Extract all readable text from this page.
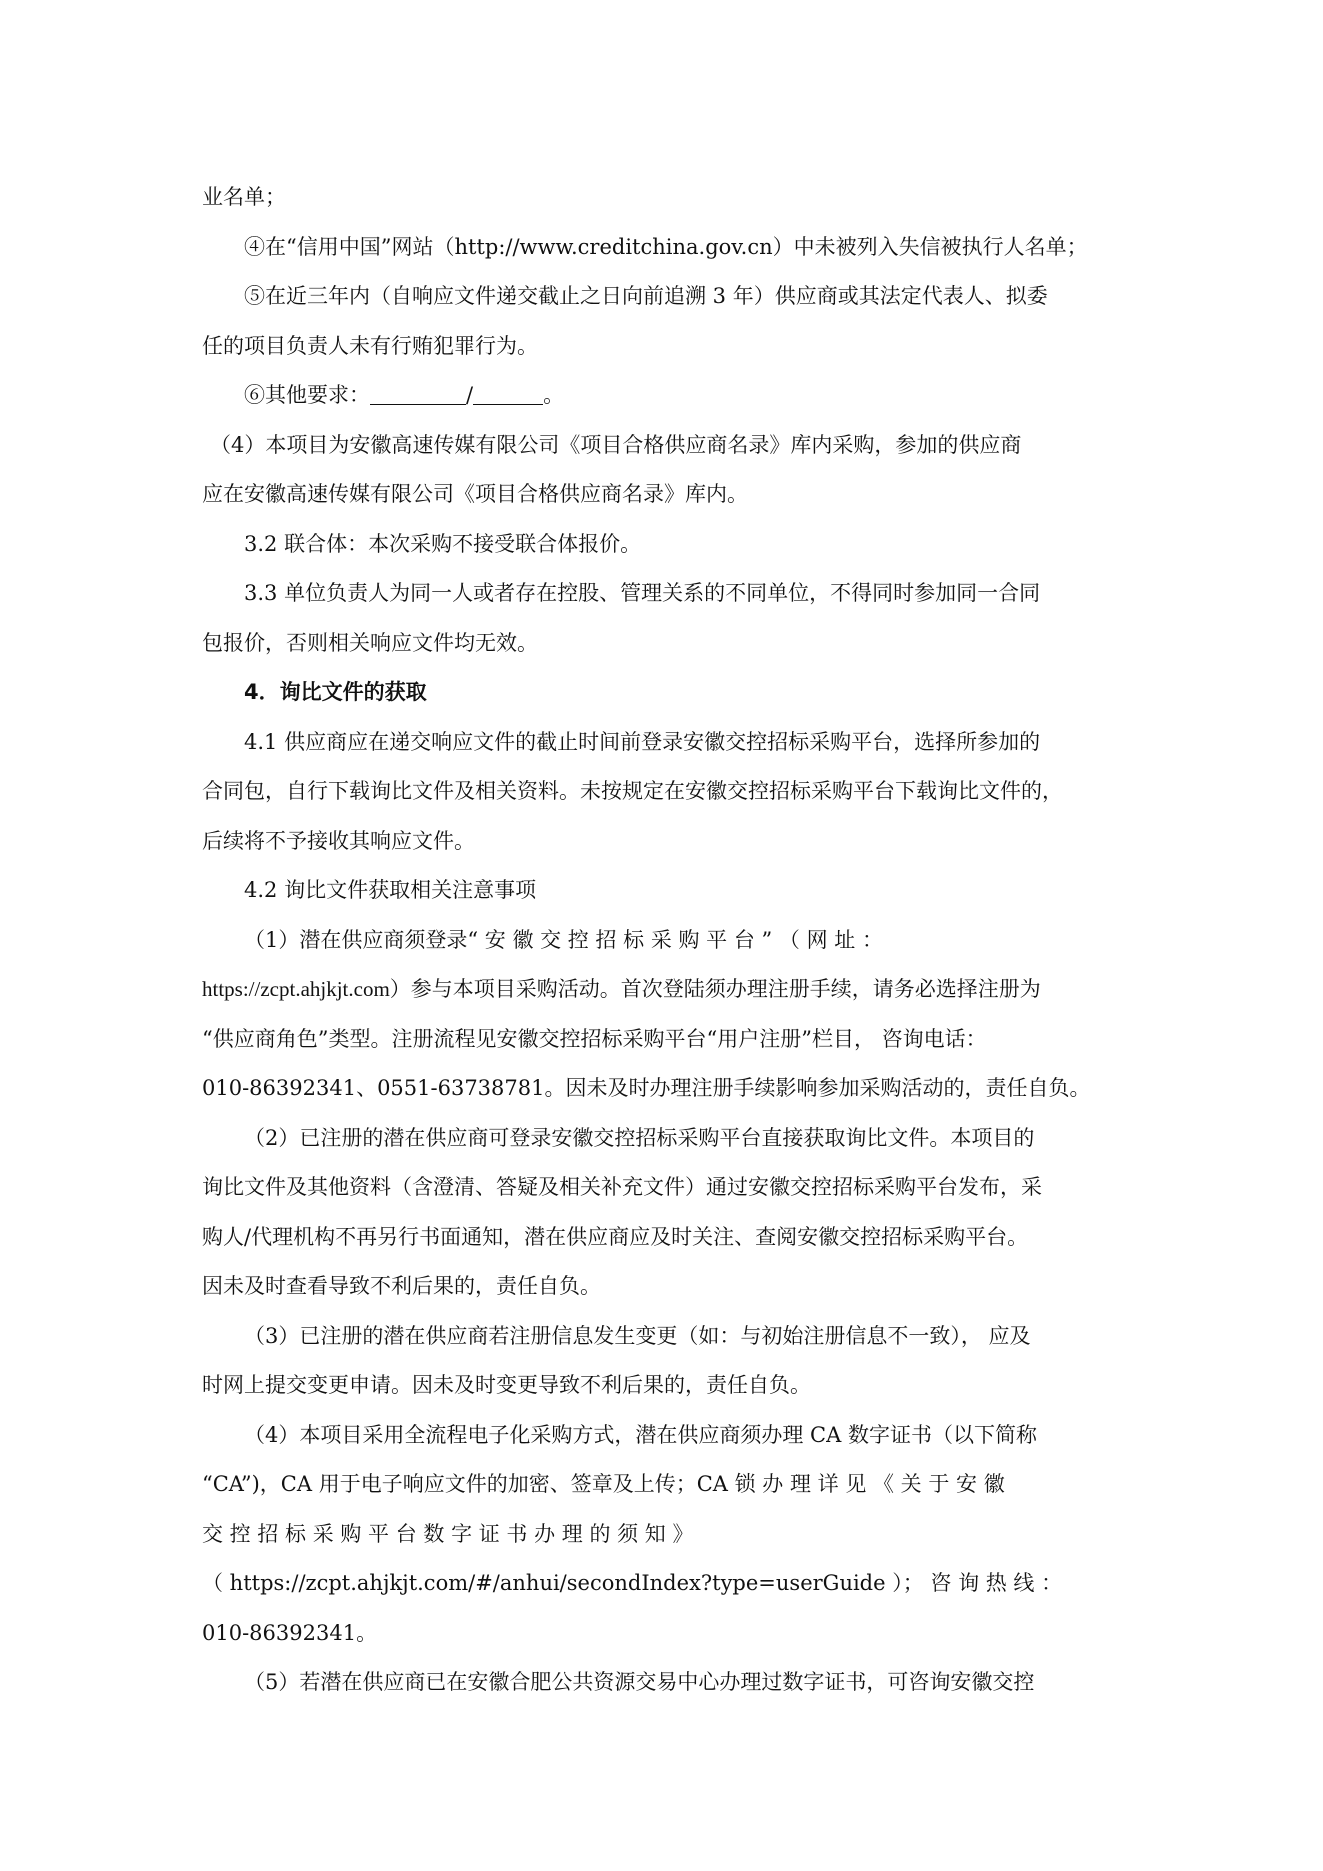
业名单；
④在“信用中国”网站（http://www.creditchina.gov.cn）中未被列入失信被执行人名单；
⑤在近三年内（自响应文件递交截止之日向前追溯 3 年）供应商或其法定代表人、拟委
任的项目负责人未有行贿犯罪行为。
⑥其他要求：	/	。
（4）本项目为安徽高速传媒有限公司《项目合格供应商名录》库内采购，参加的供应商
应在安徽高速传媒有限公司《项目合格供应商名录》库内。
3.2 联合体：本次采购不接受联合体报价。
3.3 单位负责人为同一人或者存在控股、管理关系的不同单位，不得同时参加同一合同
包报价，否则相关响应文件均无效。
4．询比文件的获取
4.1 供应商应在递交响应文件的截止时间前登录安徽交控招标采购平台，选择所参加的
合同包，自行下载询比文件及相关资料。未按规定在安徽交控招标采购平台下载询比文件的，
后续将不予接收其响应文件。
4.2 询比文件获取相关注意事项
（1）潜在供应商须登录“ 安 徽 交 控 招 标 采 购 平 台 ” （ 网 址 ：
https://zcpt.ahjkjt.com）参与本项目采购活动。首次登陆须办理注册手续，请务必选择注册为
“供应商角色”类型。注册流程见安徽交控招标采购平台“用户注册”栏目， 咨询电话：
010-86392341、0551-63738781。因未及时办理注册手续影响参加采购活动的，责任自负。
（2）已注册的潜在供应商可登录安徽交控招标采购平台直接获取询比文件。本项目的
询比文件及其他资料（含澄清、答疑及相关补充文件）通过安徽交控招标采购平台发布，采
购人/代理机构不再另行书面通知，潜在供应商应及时关注、查阅安徽交控招标采购平台。
因未及时查看导致不利后果的，责任自负。
（3）已注册的潜在供应商若注册信息发生变更（如：与初始注册信息不一致）， 应及
时网上提交变更申请。因未及时变更导致不利后果的，责任自负。
（4）本项目采用全流程电子化采购方式，潜在供应商须办理 CA 数字证书（以下简称
“CA”)，CA 用于电子响应文件的加密、签章及上传；CA 锁 办 理 详 见 《 关 于 安 徽
交 控 招 标 采 购 平 台 数 字 证 书 办 理 的 须 知 》
（ https://zcpt.ahjkjt.com/#/anhui/secondIndex?type=userGuide ）； 咨 询 热 线 ：
010-86392341。
（5）若潜在供应商已在安徽合肥公共资源交易中心办理过数字证书，可咨询安徽交控
